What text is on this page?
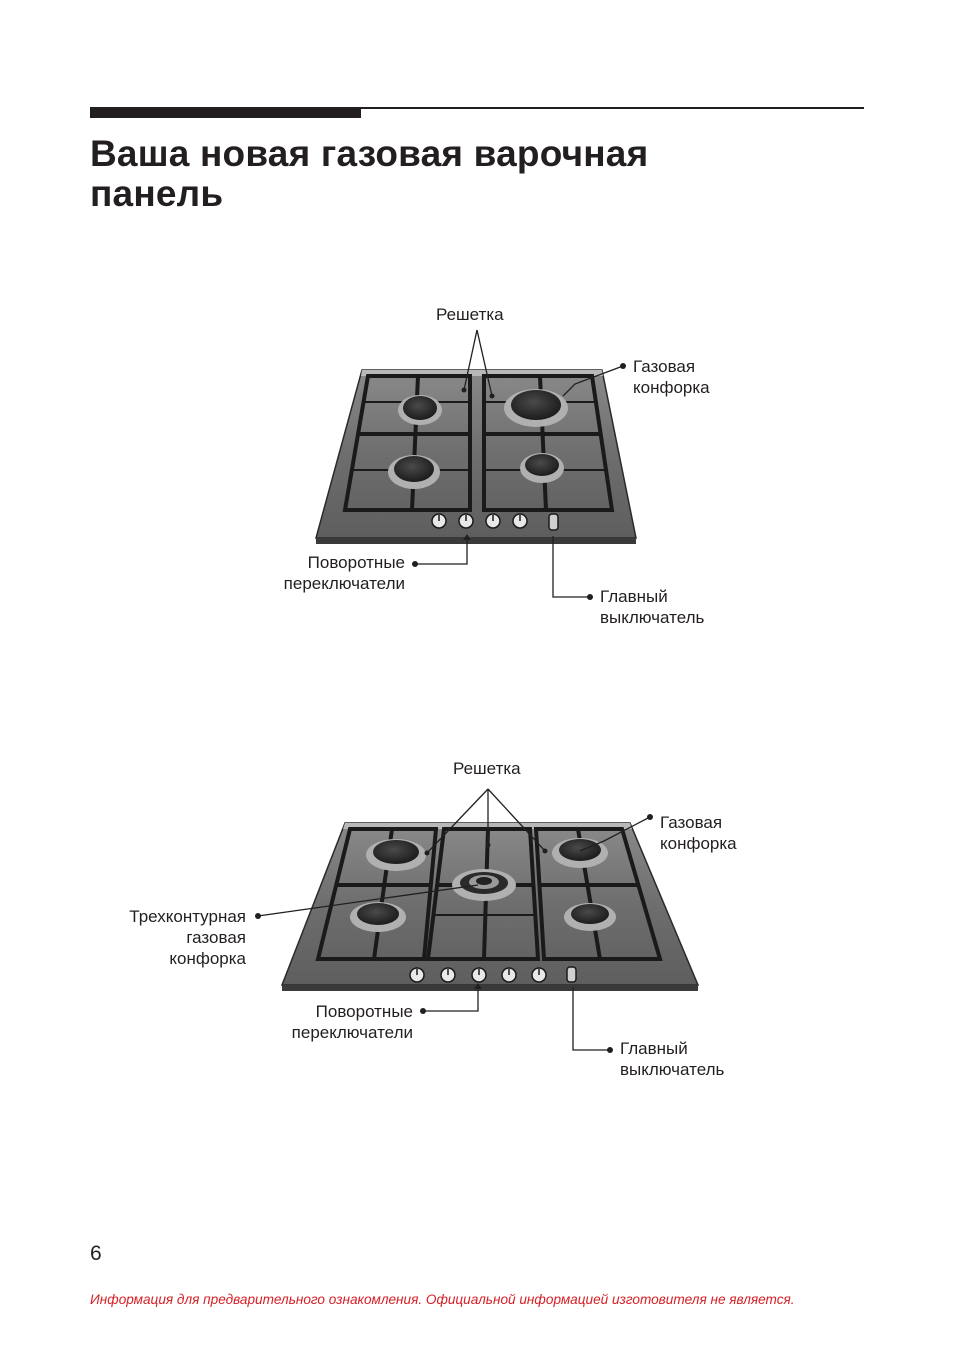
Ваша новая газовая варочная
панель
Решетка
Газовая
конфорка
Поворотные
переключатели
Главный
выключатель
Решетка
Газовая
конфорка
Трехконтурная
газовая
конфорка
Поворотные
переключатели
Главный
выключатель
6
Информация для предварительного ознакомления. Официальной информацией изготовителя не является.
